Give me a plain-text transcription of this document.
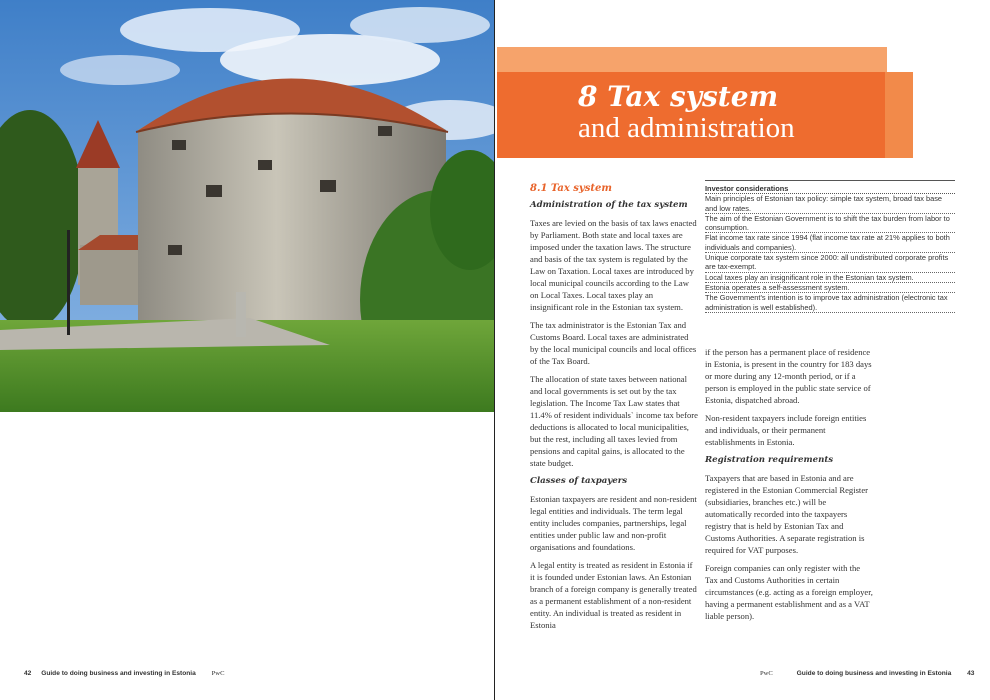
42 Guide to doing business and investing in Estonia PwC
8 Tax system
and administration
8.1 Tax system
Administration of the tax system

Taxes are levied on the basis of tax laws enacted by Parliament. Both state and local taxes are imposed under the taxation laws. The structure and basis of the tax system is regulated by the Law on Taxation. Local taxes are introduced by local municipal councils according to the Law on Local Taxes. Local taxes play an insignificant role in the Estonian tax system.

The tax administrator is the Estonian Tax and Customs Board. Local taxes are administrated by the local municipal councils and local offices of the Tax Board.

The allocation of state taxes between national and local governments is set out by the tax legislation. The Income Tax Law states that 11.4% of resident individuals` income tax before deductions is allocated to local municipalities, but the rest, including all taxes levied from pensions and capital gains, is allocated to the state budget.

Classes of taxpayers

Estonian taxpayers are resident and non-resident legal entities and individuals. The term legal entity includes companies, partnerships, legal entities under public law and non-profit organisations and foundations.

A legal entity is treated as resident in Estonia if it is founded under Estonian laws. An Estonian branch of a foreign company is generally treated as a permanent establishment of a non-resident entity. An individual is treated as resident in Estonia

Investor considerations
Main principles of Estonian tax policy: simple tax system, broad tax base and low rates.
The aim of the Estonian Government is to shift the tax burden from labor to consumption.
Flat income tax rate since 1994 (flat income tax rate at 21% applies to both individuals and companies).
Unique corporate tax system since 2000: all undistributed corporate profits are tax-exempt.
Local taxes play an insignificant role in the Estonian tax system.
Estonia operates a self-assessment system.
The Government's intention is to improve tax administration (electronic tax administration is well established).

if the person has a permanent place of residence in Estonia, is present in the country for 183 days or more during any 12-month period, or if a person is employed in the public state service of Estonia, dispatched abroad.

Non-resident taxpayers include foreign entities and individuals, or their permanent establishments in Estonia.

Registration requirements

Taxpayers that are based in Estonia and are registered in the Estonian Commercial Register (subsidiaries, branches etc.) will be automatically recorded into the taxpayers registry that is held by Estonian Tax and Customs Authorities. A separate registration is required for VAT purposes.

Foreign companies can only register with the Tax and Customs Authorities in certain circumstances (e.g. acting as a foreign employer, having a permanent establishment and as a VAT liable person).

PwC	Guide to doing business and investing in Estonia 43
